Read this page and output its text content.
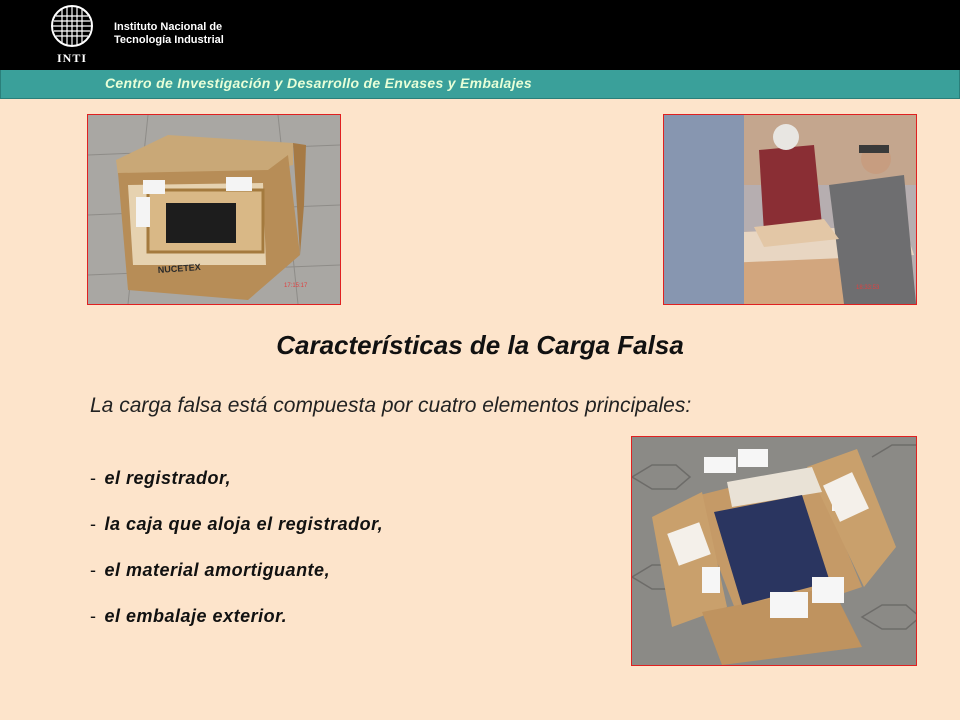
INTI
Instituto Nacional de
Tecnología Industrial
Centro de Investigación y Desarrollo de Envases y Embalajes
NUCETEX
17:15:17	18:33:53
Características de la Carga Falsa
La carga falsa está compuesta por cuatro elementos principales:
- el registrador,
- la caja que aloja el registrador,
- el material amortiguante,
- el embalaje exterior.
